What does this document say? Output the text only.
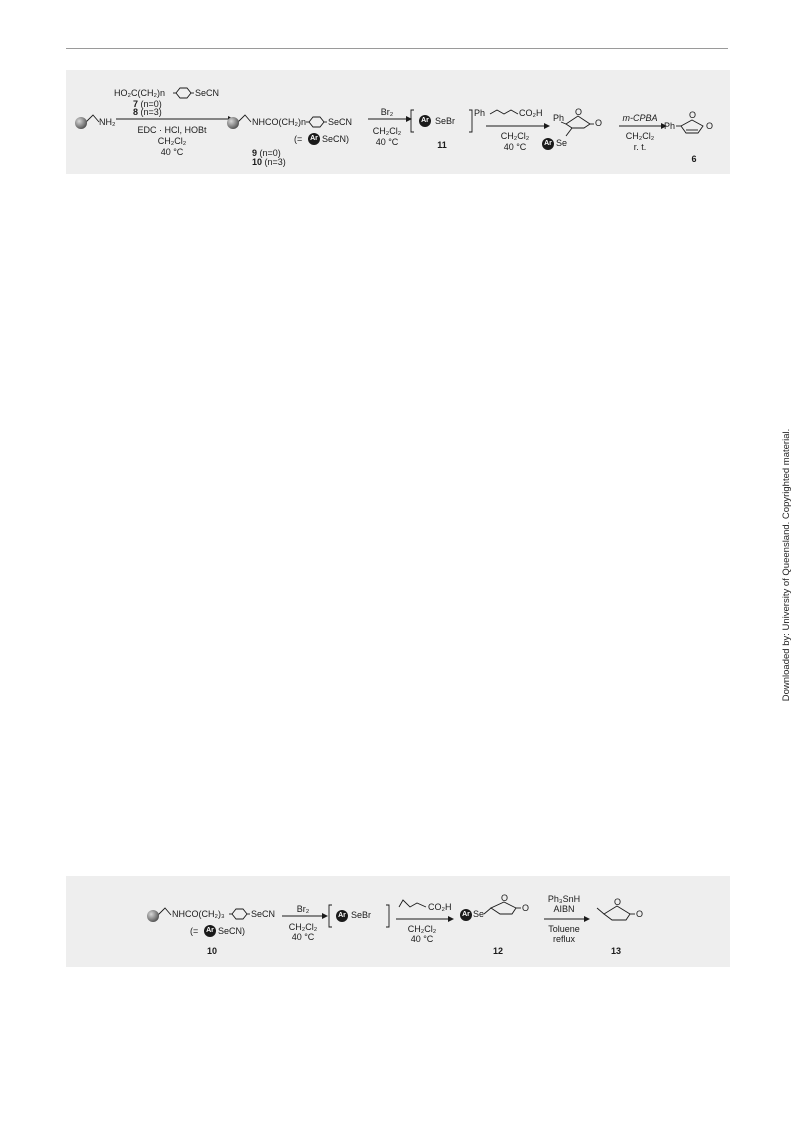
NH₂
HO₂C(CH₂)n	SeCN
7 (n=0)
8 (n=3)
EDC · HCl, HOBt
CH₂Cl₂
40 °C
NHCO(CH₂)n SeCN
(=	Ar SeCN)
9 (n=0)
10 (n=3)
Br₂
CH₂Cl₂
40 °C
Ar SeBr
11
Ph	CO₂H
CH₂Cl₂
40 °C
Ph
O
O
Ar Se
m-CPBA
CH₂Cl₂
r. t.
Ph
O
O
6
NHCO(CH₂)₃	SeCN
(=	Ar SeCN)
10
Br₂
CH₂Cl₂
40 °C
Ar SeBr
CO₂H
CH₂Cl₂
40 °C
Ar Se
O
O
12
Ph₃SnH
AIBN
Toluene
reflux
O
O
13
Downloaded by: University of Queensland. Copyrighted material.
